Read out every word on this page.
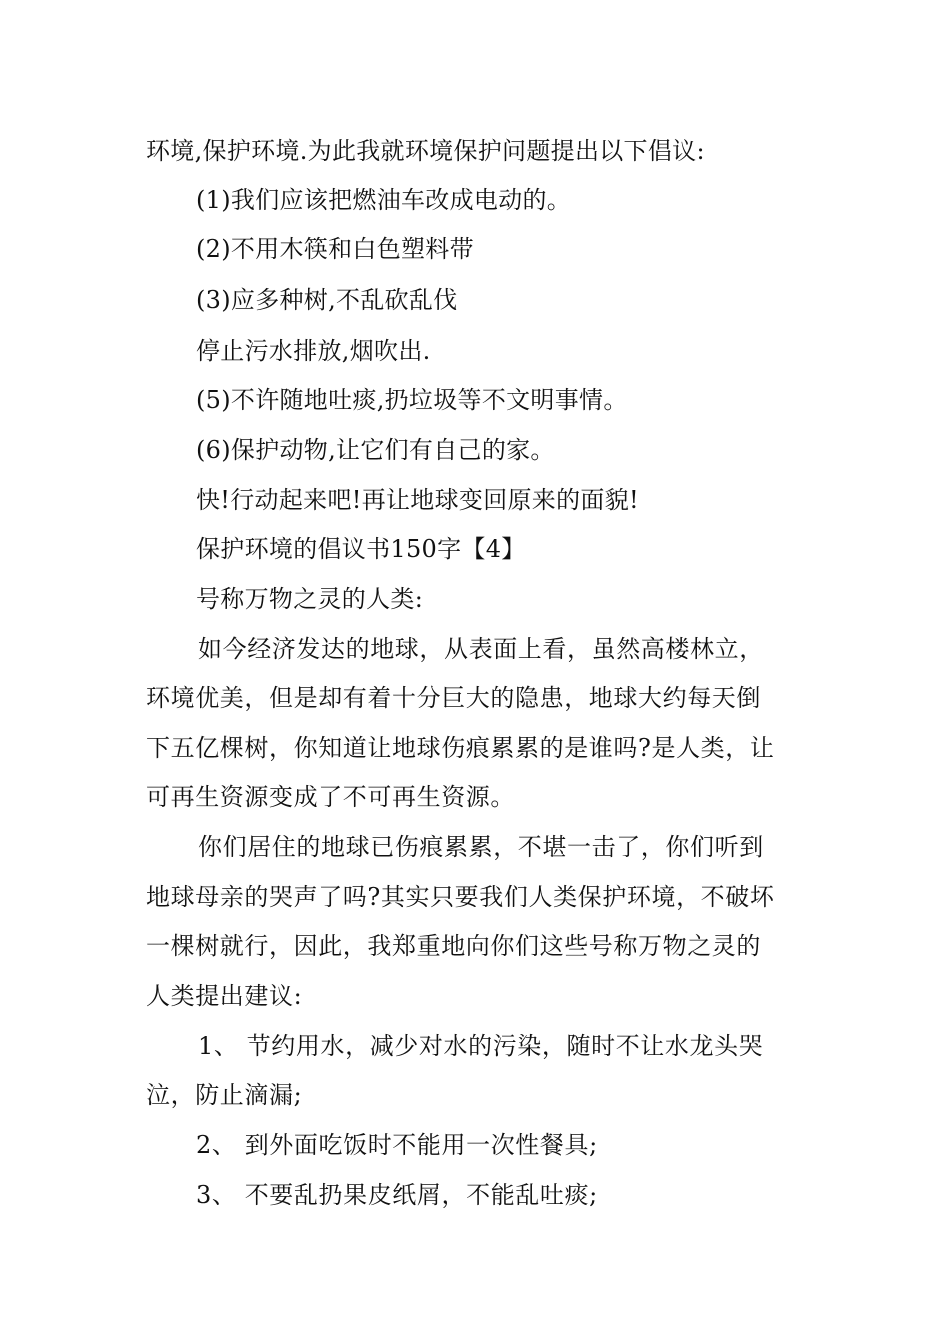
环境,保护环境.为此我就环境保护问题提出以下倡议:

(1)我们应该把燃油车改成电动的。

(2)不用木筷和白色塑料带

(3)应多种树,不乱砍乱伐

停止污水排放,烟吹出.

(5)不许随地吐痰,扔垃圾等不文明事情。

(6)保护动物,让它们有自己的家。

快!行动起来吧!再让地球变回原来的面貌!

保护环境的倡议书150字【4】

号称万物之灵的人类:

如今经济发达的地球，从表面上看，虽然高楼林立，

环境优美，但是却有着十分巨大的隐患，地球大约每天倒

下五亿棵树，你知道让地球伤痕累累的是谁吗?是人类，让

可再生资源变成了不可再生资源。

你们居住的地球已伤痕累累，不堪一击了，你们听到

地球母亲的哭声了吗?其实只要我们人类保护环境，不破坏

一棵树就行，因此，我郑重地向你们这些号称万物之灵的

人类提出建议:

1、 节约用水，减少对水的污染，随时不让水龙头哭

泣，防止滴漏;

2、 到外面吃饭时不能用一次性餐具;

3、 不要乱扔果皮纸屑，不能乱吐痰;
